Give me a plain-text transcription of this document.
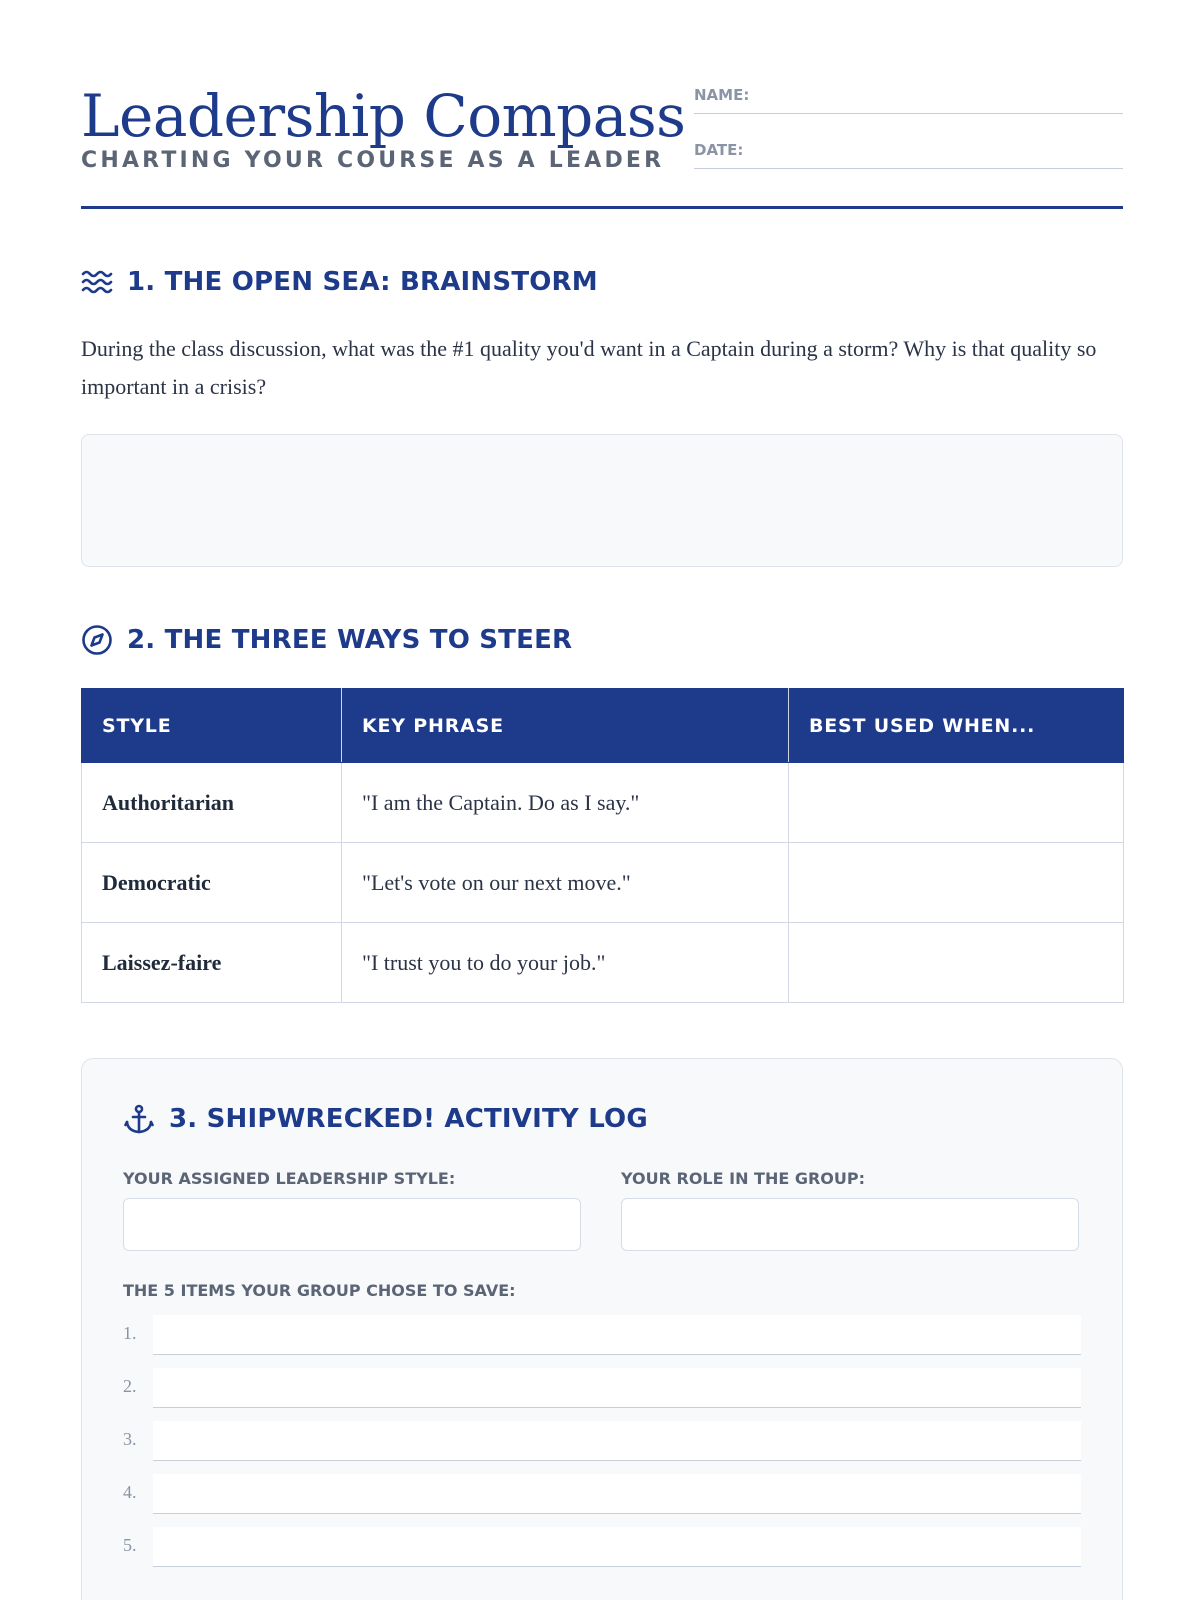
Leadership Compass
CHARTING YOUR COURSE AS A LEADER
NAME:
DATE:
1. THE OPEN SEA: BRAINSTORM

During the class discussion, what was the #1 quality you'd want in a Captain during a storm? Why is that quality so important in a crisis?

2. THE THREE WAYS TO STEER
STYLE	KEY PHRASE	BEST USED WHEN...
Authoritarian	"I am the Captain. Do as I say."	
Democratic	"Let's vote on our next move."	
Laissez-faire	"I trust you to do your job."	
3. SHIPWRECKED! ACTIVITY LOG
YOUR ASSIGNED LEADERSHIP STYLE:	YOUR ROLE IN THE GROUP:
THE 5 ITEMS YOUR GROUP CHOSE TO SAVE:
1.
2.
3.
4.
5.
